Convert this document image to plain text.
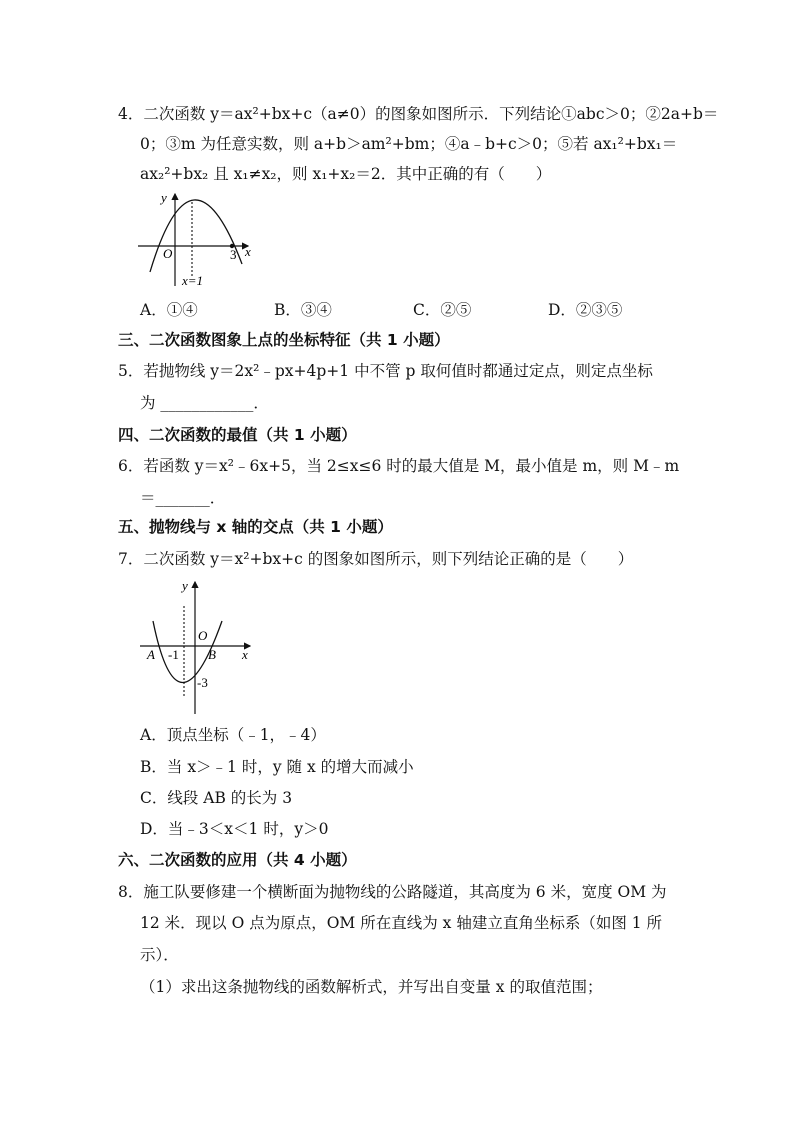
4．二次函数 y＝ax²+bx+c（a≠0）的图象如图所示．下列结论①abc＞0；②2a+b＝
0；③m 为任意实数，则 a+b＞am²+bm；④a﹣b+c＞0；⑤若 ax₁²+bx₁＝
ax₂²+bx₂ 且 x₁≠x₂，则 x₁+x₂＝2．其中正确的有（　　）
y
x
O	3
x=1
A．①④	B．③④	C．②⑤	D．②③⑤
三、二次函数图象上点的坐标特征（共 1 小题）
5．若抛物线 y＝2x²﹣px+4p+1 中不管 p 取何值时都通过定点，则定点坐标
为 ____________．
四、二次函数的最值（共 1 小题）
6．若函数 y＝x²﹣6x+5，当 2≤x≤6 时的最大值是 M，最小值是 m，则 M﹣m
＝_______．
五、抛物线与 x 轴的交点（共 1 小题）
7．二次函数 y＝x²+bx+c 的图象如图所示，则下列结论正确的是（　　）
y
x
O
A	B
-1
-3
A．顶点坐标（﹣1，﹣4）
B．当 x＞﹣1 时，y 随 x 的增大而减小
C．线段 AB 的长为 3
D．当﹣3＜x＜1 时，y＞0
六、二次函数的应用（共 4 小题）
8．施工队要修建一个横断面为抛物线的公路隧道，其高度为 6 米，宽度 OM 为
12 米．现以 O 点为原点，OM 所在直线为 x 轴建立直角坐标系（如图 1 所
示）．
（1）求出这条抛物线的函数解析式，并写出自变量 x 的取值范围；
